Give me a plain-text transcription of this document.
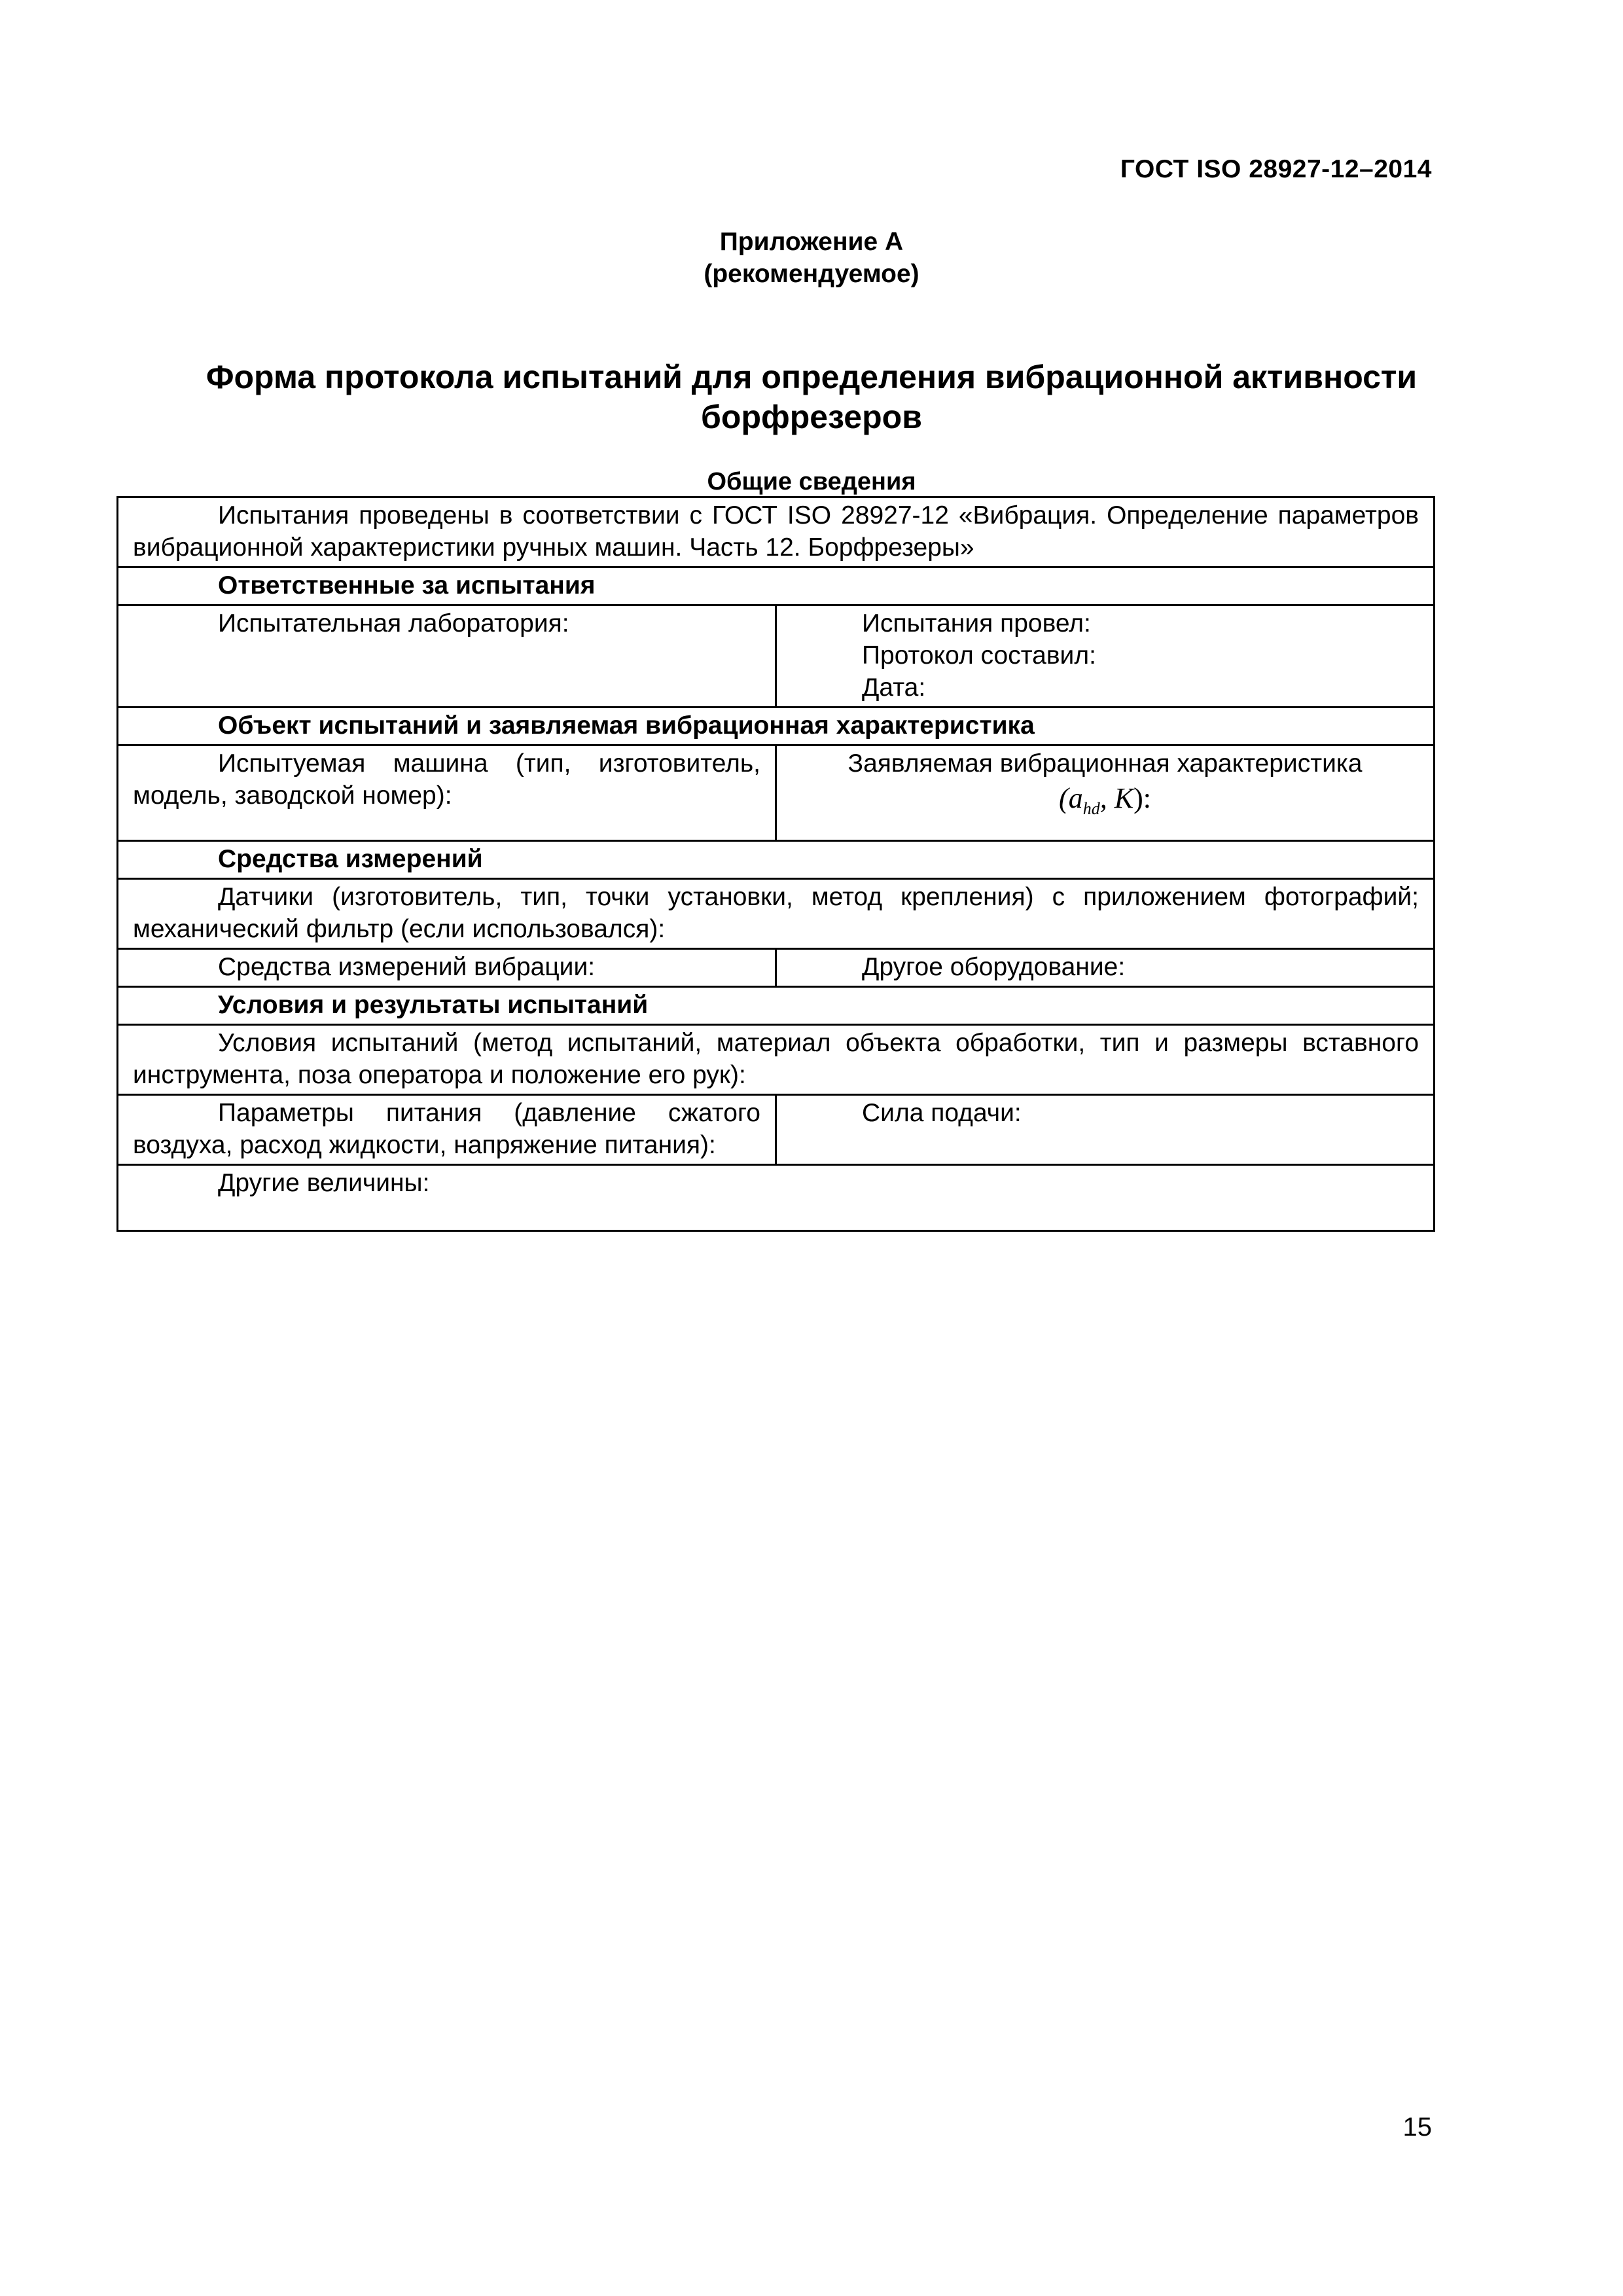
ГОСТ ISO 28927-12–2014
Приложение А
(рекомендуемое)
Форма протокола испытаний для определения вибрационной активности борфрезеров
Общие сведения
Испытания проведены в соответствии с ГОСТ ISO 28927-12 «Вибрация. Определение параметров вибрационной характеристики ручных машин. Часть 12. Борфрезеры»	
Ответственные за испытания	
Испытательная лаборатория:	Испытания провел:
Протокол составил:
Дата:

Объект испытаний и заявляемая вибрационная характеристика	
Испытуемая машина (тип, изготовитель, модель, заводской номер):	Заявляемая вибрационная характеристика
($a_{hd}$, K):

Средства измерений	
Датчики (изготовитель, тип, точки установки, метод крепления) с приложением фотографий; механический фильтр (если использовался):	
Средства измерений вибрации:	Другое оборудование:
Условия и результаты испытаний	
Условия испытаний (метод испытаний, материал объекта обработки, тип и размеры вставного инструмента, поза оператора и положение его рук):	
Параметры питания (давление сжатого воздуха, расход жидкости, напряжение питания):	Сила подачи:
Другие величины:	
15
